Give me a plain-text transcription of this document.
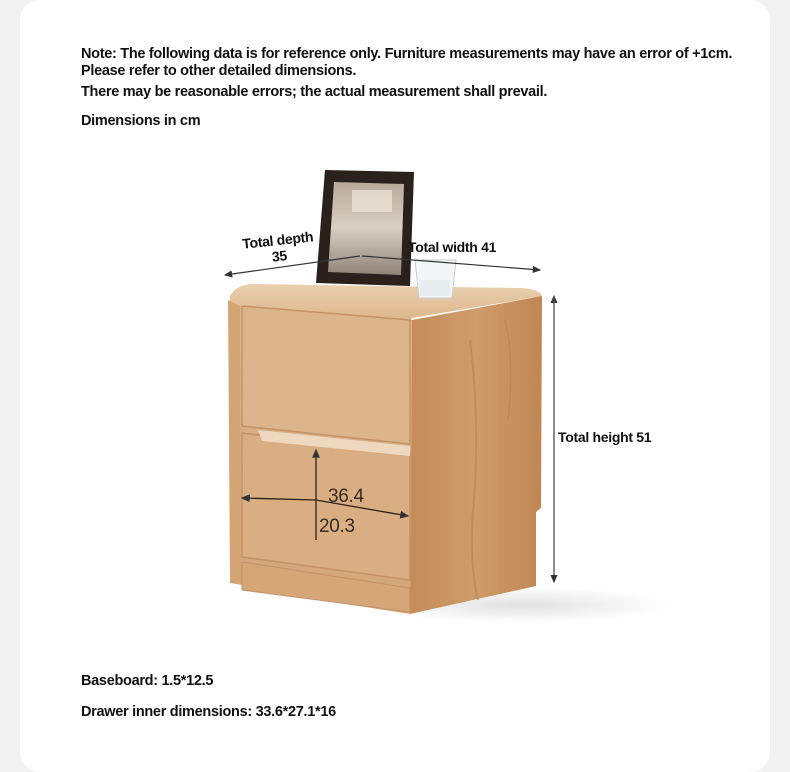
Note: The following data is for reference only. Furniture measurements may have an error of +1cm.

Please refer to other detailed dimensions.

There may be reasonable errors; the actual measurement shall prevail.

Dimensions in cm
Total depth
35
Total width 41
Total height 51
36.4
20.3
Baseboard: 1.5*12.5
Drawer inner dimensions: 33.6*27.1*16
